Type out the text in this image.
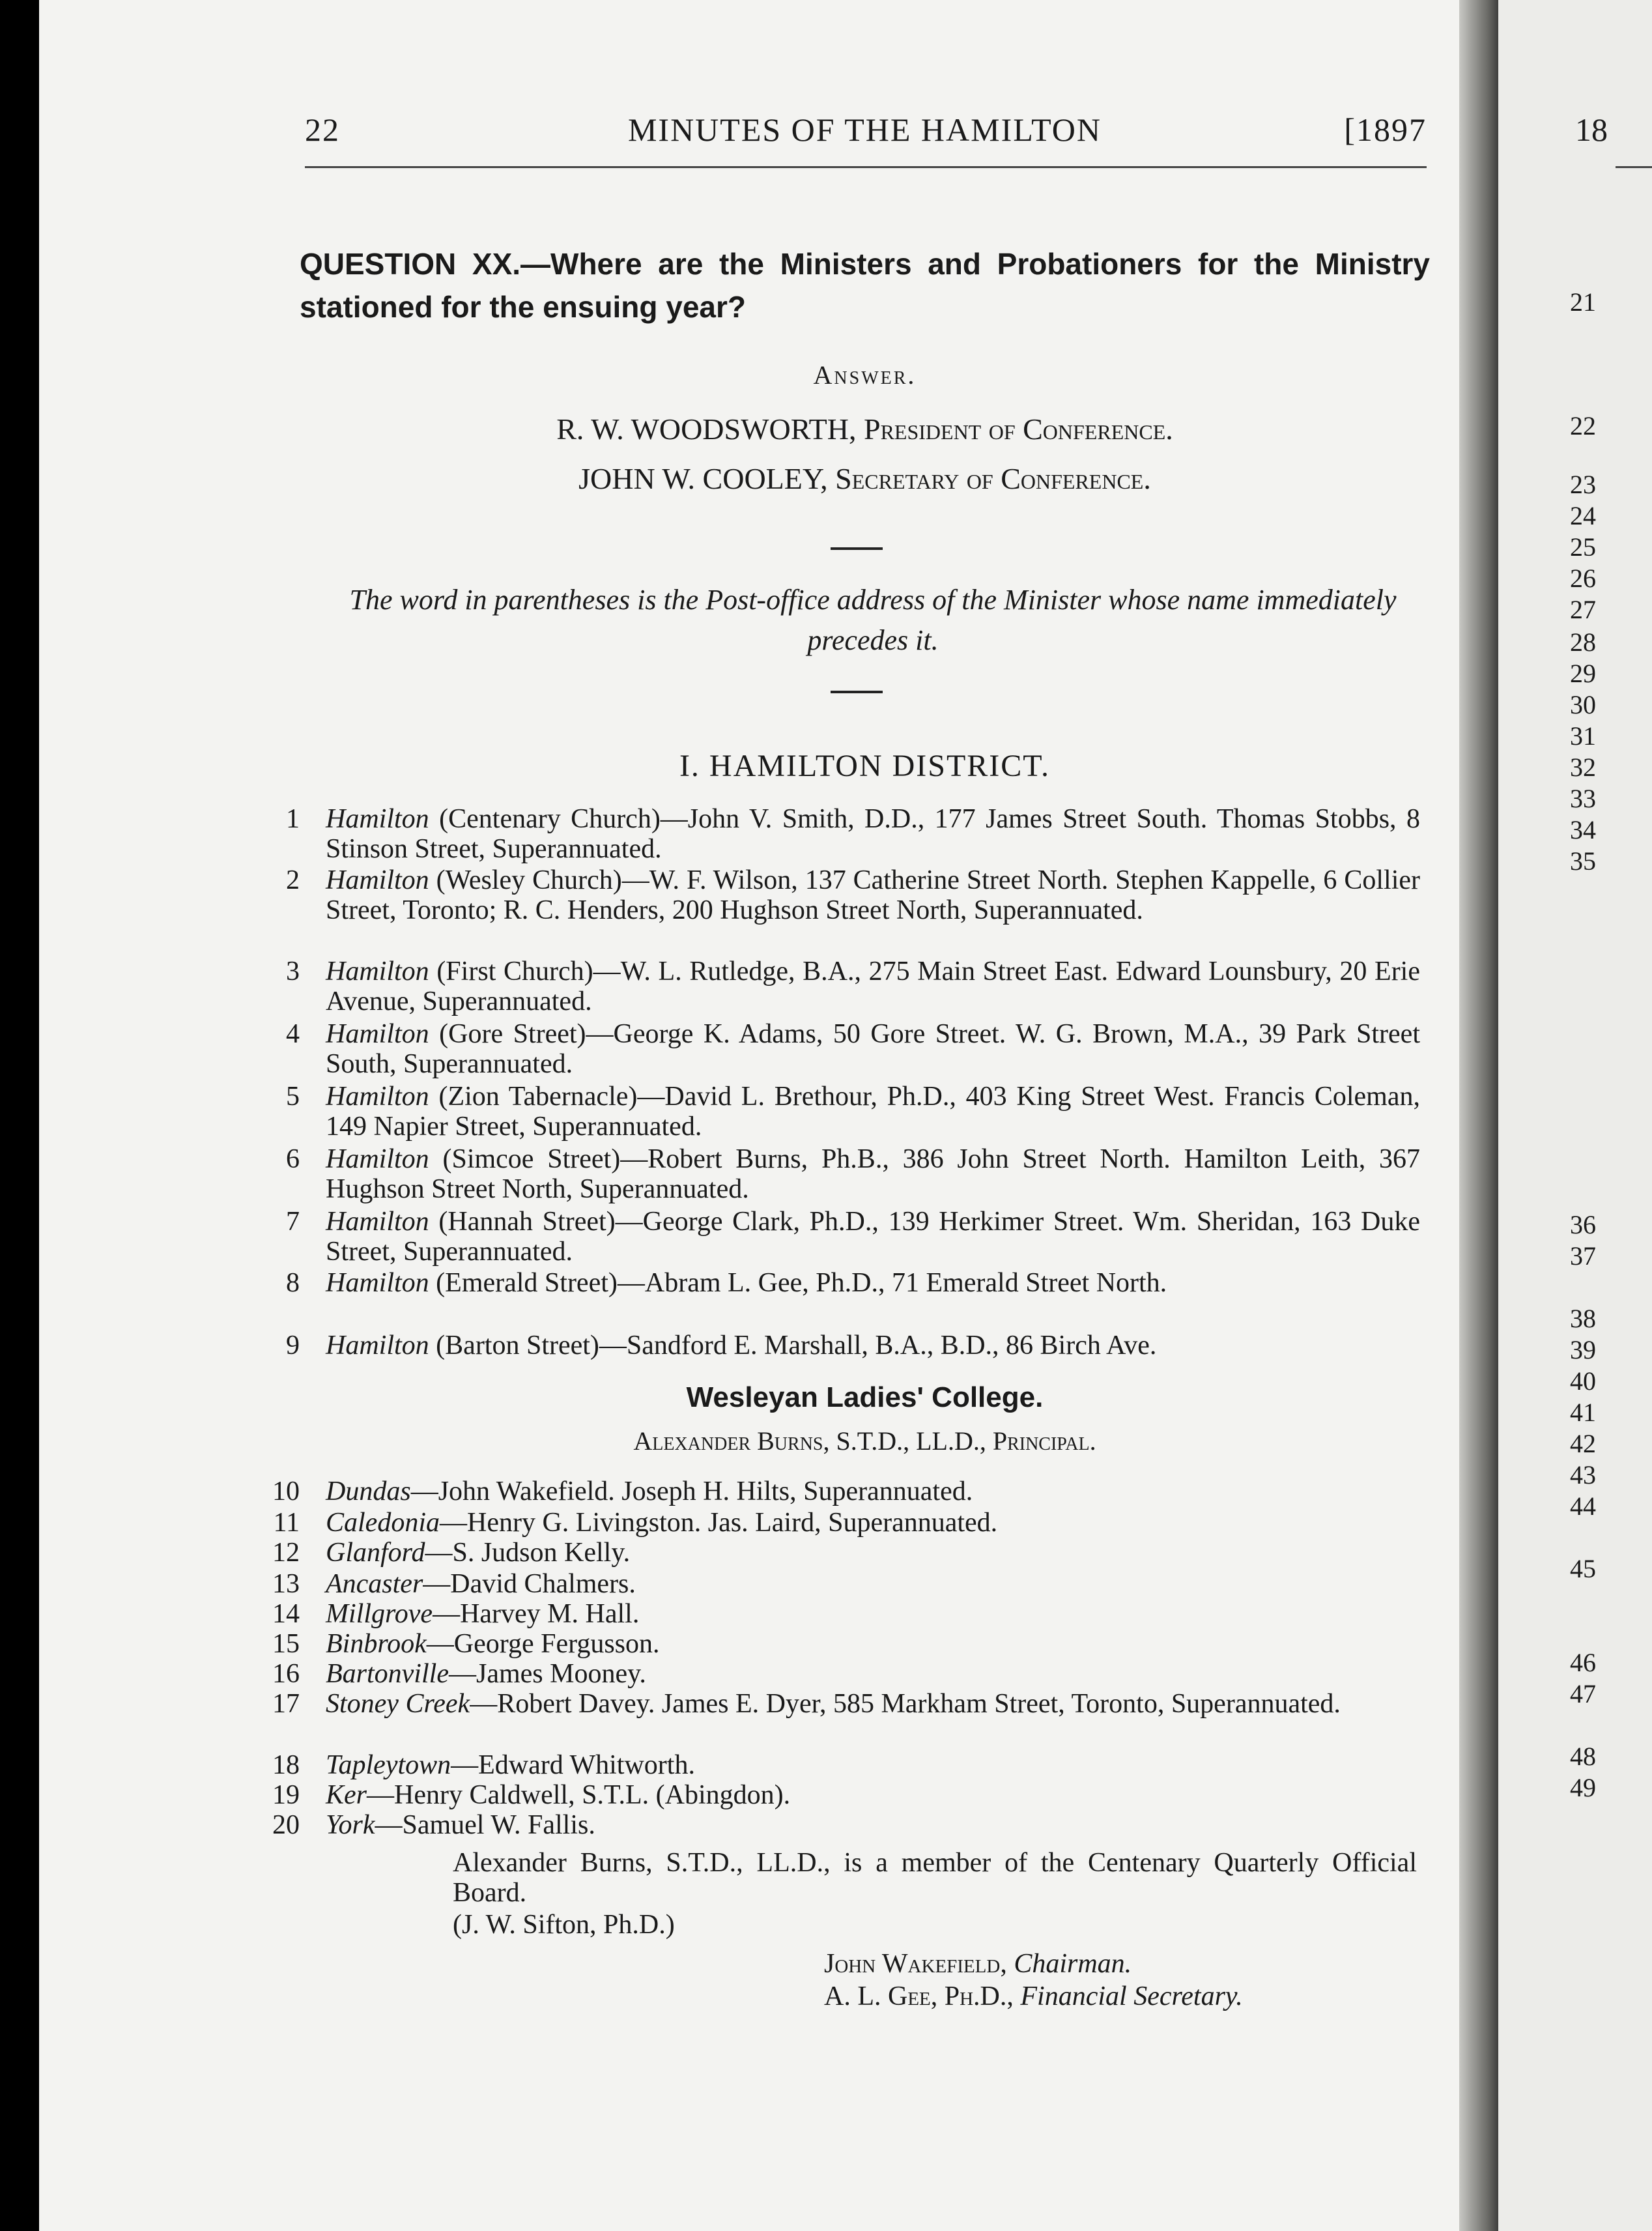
22	MINUTES OF THE HAMILTON	[1897
QUESTION XX.—Where are the Ministers and Probationers for the Ministry stationed for the ensuing year?
Answer.
R. W. WOODSWORTH, President of Conference.
JOHN W. COOLEY, Secretary of Conference.
The word in parentheses is the Post-office address of the Minister whose name immediately precedes it.
I. HAMILTON DISTRICT.
1 Hamilton (Centenary Church)—John V. Smith, D.D., 177 James Street South. Thomas Stobbs, 8 Stinson Street, Superannuated.
2 Hamilton (Wesley Church)—W. F. Wilson, 137 Catherine Street North. Stephen Kappelle, 6 Collier Street, Toronto; R. C. Henders, 200 Hughson Street North, Superannuated.
3 Hamilton (First Church)—W. L. Rutledge, B.A., 275 Main Street East. Edward Lounsbury, 20 Erie Avenue, Superannuated.
4 Hamilton (Gore Street)—George K. Adams, 50 Gore Street. W. G. Brown, M.A., 39 Park Street South, Superannuated.
5 Hamilton (Zion Tabernacle)—David L. Brethour, Ph.D., 403 King Street West. Francis Coleman, 149 Napier Street, Superannuated.
6 Hamilton (Simcoe Street)—Robert Burns, Ph.B., 386 John Street North. Hamilton Leith, 367 Hughson Street North, Superannuated.
7 Hamilton (Hannah Street)—George Clark, Ph.D., 139 Herkimer Street. Wm. Sheridan, 163 Duke Street, Superannuated.
8 Hamilton (Emerald Street)—Abram L. Gee, Ph.D., 71 Emerald Street North.
9 Hamilton (Barton Street)—Sandford E. Marshall, B.A., B.D., 86 Birch Ave.
Wesleyan Ladies' College.
Alexander Burns, S.T.D., LL.D., Principal.
10 Dundas—John Wakefield. Joseph H. Hilts, Superannuated.
11 Caledonia—Henry G. Livingston. Jas. Laird, Superannuated.
12 Glanford—S. Judson Kelly.
13 Ancaster—David Chalmers.
14 Millgrove—Harvey M. Hall.
15 Binbrook—George Fergusson.
16 Bartonville—James Mooney.
17 Stoney Creek—Robert Davey. James E. Dyer, 585 Markham Street, Toronto, Superannuated.
18 Tapleytown—Edward Whitworth.
19 Ker—Henry Caldwell, S.T.L. (Abingdon).
20 York—Samuel W. Fallis.
Alexander Burns, S.T.D., LL.D., is a member of the Centenary Quarterly Official Board.
(J. W. Sifton, Ph.D.)
John Wakefield, Chairman.
A. L. Gee, Ph.D., Financial Secretary.
18
21
22
23
24
25
26
27
28
29
30
31
32
33
34
35
36
37
38
39
40
41
42
43
44
45
46
47
48
49
